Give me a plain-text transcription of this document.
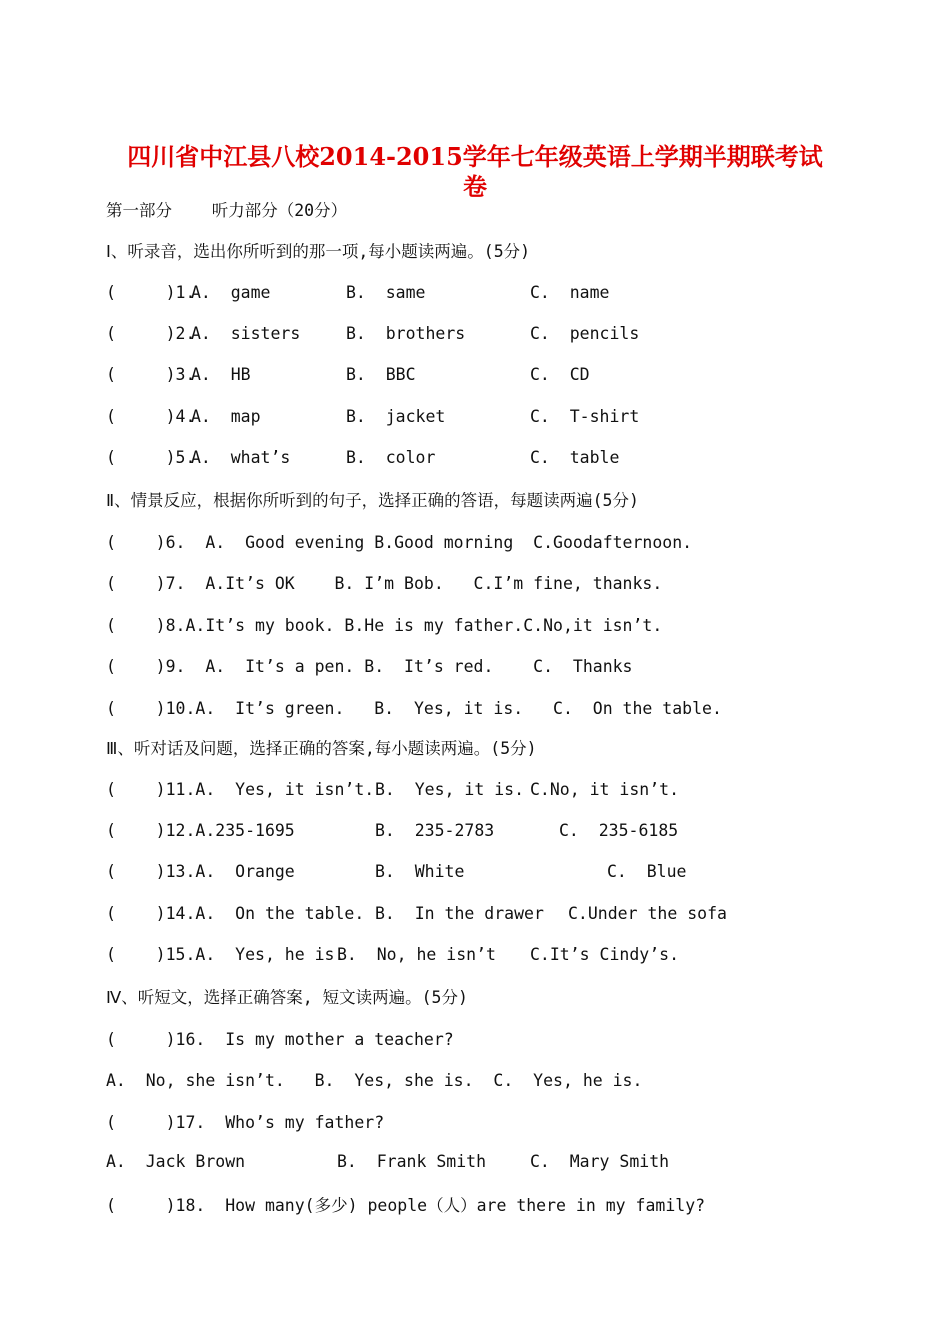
四川省中江县八校2014-2015学年七年级英语上学期半期联考试
卷
第一部分    听力部分（20分）
Ⅰ、听录音，选出你所听到的那一项,每小题读两遍。(5分)
(     )1.
A.  game	B.  same	C.  name
(     )2.
A.  sisters	B.  brothers	C.  pencils
(     )3.
A.  HB	B.  BBC	C.  CD
(     )4.
A.  map	B.  jacket	C.  T-shirt
(     )5.
A.  what’s	B.  color	C.  table
Ⅱ、情景反应，根据你所听到的句子，选择正确的答语，每题读两遍(5分)
(    )6.  A.  Good evening B.Good morning  C.Goodafternoon.
(    )7.  A.It’s OK    B. I’m Bob.   C.I’m fine, thanks.
(    )8.A.It’s my book. B.He is my father.C.No,it isn’t.
(    )9.  A.  It’s a pen. B.  It’s red.    C.  Thanks
(    )10.A.  It’s green.   B.  Yes, it is.   C.  On the table.
Ⅲ、听对话及问题，选择正确的答案,每小题读两遍。(5分)
(    )11.A.  Yes, it isn’t. B.  Yes, it is. C.No, it isn’t.
(    )12.A.235-1695	B.  235-2783	C.  235-6185
(    )13.A.  Orange	B.  White	C.  Blue
(    )14.A.  On the table. B.  In the drawer C.Under the sofa
(    )15.A.  Yes, he is.
B.  No, he isn’t C.It’s Cindy’s.
Ⅳ、听短文，选择正确答案, 短文读两遍。(5分)
(     )16.  Is my mother a teacher?
A.  No, she isn’t.   B.  Yes, she is.  C.  Yes, he is.
(     )17.  Who’s my father?
A.  Jack Brown	B.  Frank Smith	C.  Mary Smith
(     )18.  How many(多少) people（人）are there in my family?
